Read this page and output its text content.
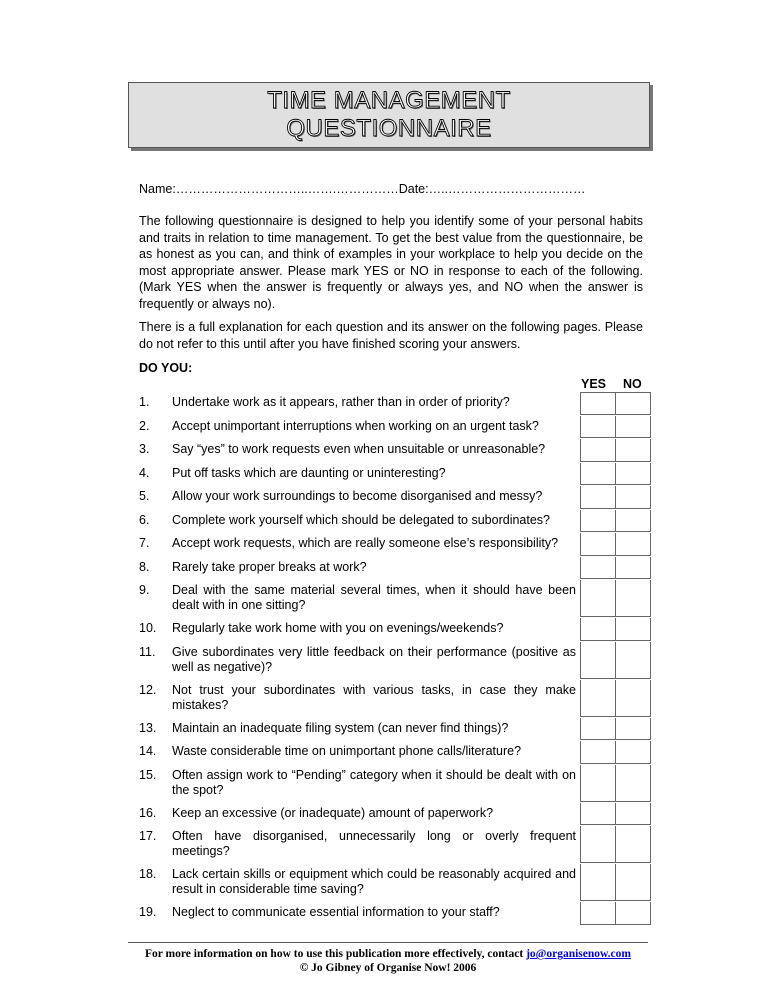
TIME MANAGEMENT
QUESTIONNAIRE
Name:…………………………..…….……………Date:…..……………………………
The following questionnaire is designed to help you identify some of your personal habits and traits in relation to time management. To get the best value from the questionnaire, be as honest as you can, and think of examples in your workplace to help you decide on the most appropriate answer. Please mark YES or NO in response to each of the following. (Mark YES when the answer is frequently or always yes, and NO when the answer is frequently or always no).
There is a full explanation for each question and its answer on the following pages. Please do not refer to this until after you have finished scoring your answers.
DO YOU:
YES NO
1.	Undertake work as it appears, rather than in order of priority?
2.	Accept unimportant interruptions when working on an urgent task?
3.	Say “yes” to work requests even when unsuitable or unreasonable?
4.	Put off tasks which are daunting or uninteresting?
5.	Allow your work surroundings to become disorganised and messy?
6.	Complete work yourself which should be delegated to subordinates?
7.	Accept work requests, which are really someone else’s responsibility?
8.	Rarely take proper breaks at work?
9.	Deal with the same material several times, when it should have been dealt with in one sitting?
10.	Regularly take work home with you on evenings/weekends?
11.	Give subordinates very little feedback on their performance (positive as well as negative)?
12.	Not trust your subordinates with various tasks, in case they make mistakes?
13.	Maintain an inadequate filing system (can never find things)?
14.	Waste considerable time on unimportant phone calls/literature?
15.	Often assign work to “Pending” category when it should be dealt with on the spot?
16.	Keep an excessive (or inadequate) amount of paperwork?
17.	Often have disorganised, unnecessarily long or overly frequent meetings?
18.	Lack certain skills or equipment which could be reasonably acquired and result in considerable time saving?
19.	Neglect to communicate essential information to your staff?
For more information on how to use this publication more effectively, contact jo@organisenow.com
© Jo Gibney of Organise Now! 2006
